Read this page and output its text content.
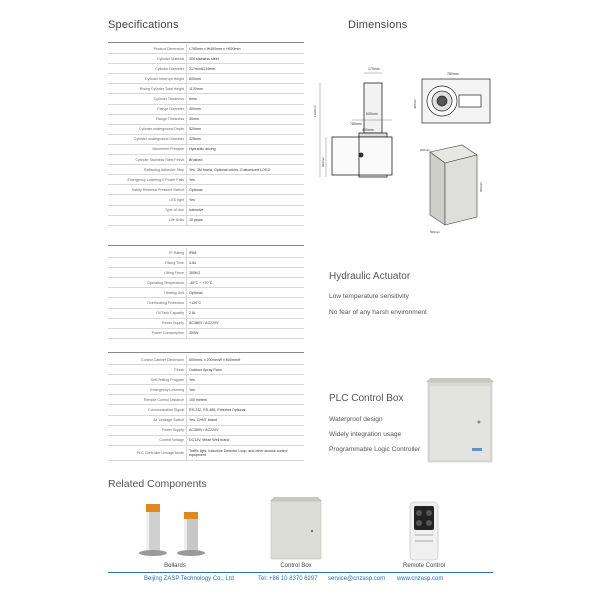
Specifications	Dimensions
Product Dimension	L780mm x W400mm x H920mm
Cylinder Material	304 stainless steel
Cylinder Diameter	217mm&219mm
Cylinder Interrupt Height	600mm
Rising Cylinder Total Height	1120mm
Cylinder Thickness	6mm
Flange Diameter	400mm
Flange Thickness	30mm
Cylinder underground Depth	520mm
Cylinder underground Diameter	325mm
Movement Principle	Hydraulic driving
Cylinder Stainless Steel Finish	Brushed
Reflecting Adhesive Strip	Yes, 3M brand, Optional colors, Customized LOGO
Emergency Lowering If Power Fails	Yes
Safety Reversal Pressure Switch	Optional
LED light	Yes
Type of Use	Intensive
Life Units	10 years
IP Rating	IP68
Rising Time	3-6s
Lifting Force	300KG
Operating Temperature	-40°C ~ +70°C
Heating Unit	Optional
Overheating Protection	+120°C
Oil Tank Capacity	2.6L
Power Supply	AC380V / AC220V
Power Consumption	300W
Control Cabinet Dimension	500mmL x 200mmW x 600mmH
Finish	Outdoor Spray Paint
Self-Testing Program	Yes
Emergency Lowering	Yes
Remote Control Distance	100 meters
Communication Signal	RS-232, RS-485, Ethernet Optional
Air Leakage Switch	Yes, CHNT brand
Power Supply	AC380V / AC220V
Control Voltage	DC12V, Mean Well brand
PLC Controller Linkage Mode	Traffic light, Inductive Detector Loop, and other access control equipment
170mm
600mm
780mm
400mm
1120mm
920mm
780mm
400mm
600mm
500mm
200mm
Hydraulic Actuator
Low temperature sensitivity
No fear of any harsh environment
PLC Control Box
Waterproof design
Widely integration usage
Programmable Logic Controller
Related Components
Bollards	Control Box	Remote Control
Beijing ZASP Technology Co., Ltd	Tel: +86 10 8370 6297 service@cnzasp.com www.cnzasp.com
